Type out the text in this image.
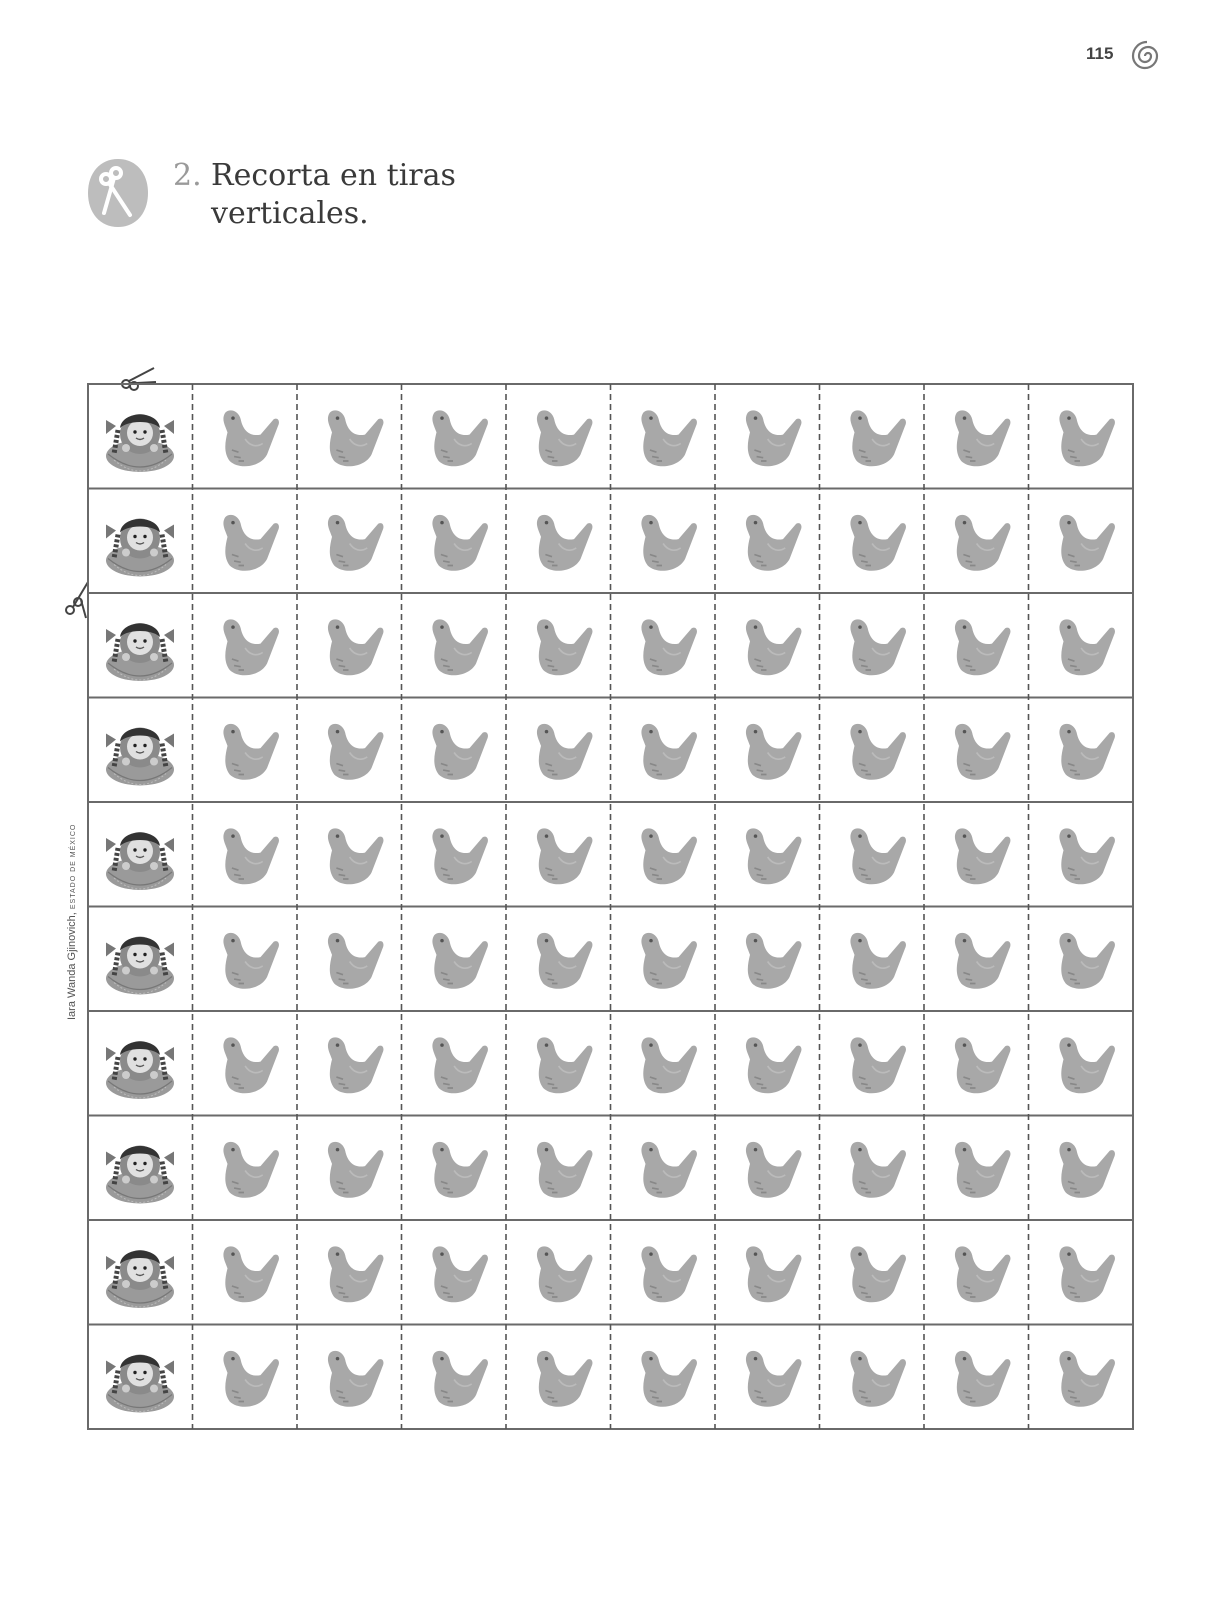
115
2. Recorta en tiras verticales.
Iara Wanda Gjinovich, ESTADO DE MÉXICO
